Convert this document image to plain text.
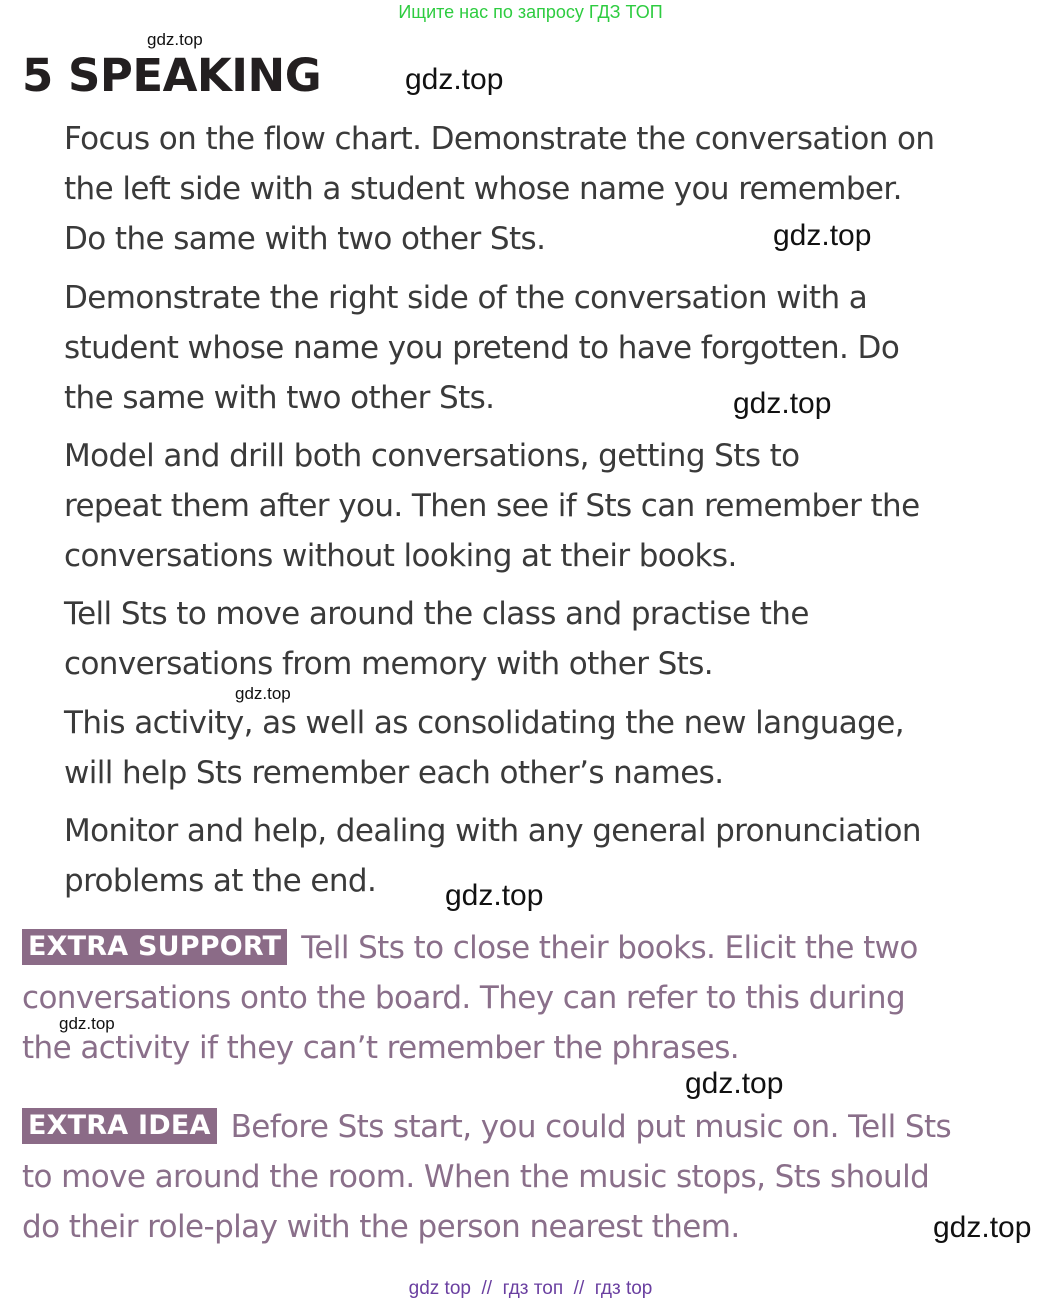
Ищите нас по запросу ГДЗ ТОП
5 SPEAKING

Focus on the flow chart. Demonstrate the conversation on
the left side with a student whose name you remember.
Do the same with two other Sts.

Demonstrate the right side of the conversation with a
student whose name you pretend to have forgotten. Do
the same with two other Sts.

Model and drill both conversations, getting Sts to
repeat them after you. Then see if Sts can remember the
conversations without looking at their books.

Tell Sts to move around the class and practise the
conversations from memory with other Sts.

This activity, as well as consolidating the new language,
will help Sts remember each other’s names.

Monitor and help, dealing with any general pronunciation
problems at the end.

EXTRA SUPPORT Tell Sts to close their books. Elicit the two
conversations onto the board. They can refer to this during
the activity if they can’t remember the phrases.

EXTRA IDEA Before Sts start, you could put music on. Tell Sts
to move around the room. When the music stops, Sts should
do their role-play with the person nearest them.

gdz.top
gdz.top
gdz.top
gdz.top
gdz.top
gdz.top
gdz.top
gdz.top
gdz.top
gdz top  //  гдз топ  //  гдз top
